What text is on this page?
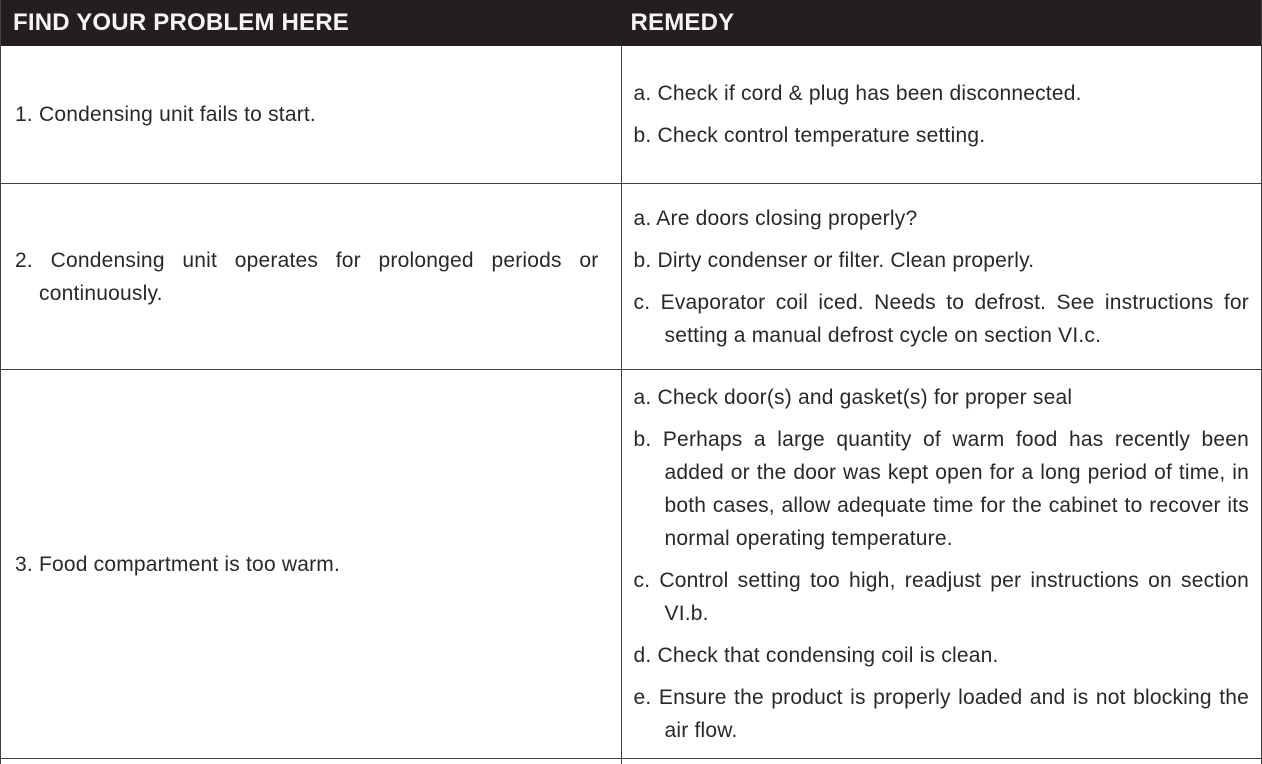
FIND YOUR PROBLEM HERE	REMEDY
1. Condensing unit fails to start.
a. Check if cord & plug has been disconnected.
b. Check control temperature setting.
2. Condensing unit operates for prolonged periods or continuously.
a. Are doors closing properly?
b. Dirty condenser or filter. Clean properly.
c. Evaporator coil iced. Needs to defrost. See instructions for setting a manual defrost cycle on section VI.c.
3. Food compartment is too warm.
a. Check door(s) and gasket(s) for proper seal
b. Perhaps a large quantity of warm food has recently been added or the door was kept open for a long period of time, in both cases, allow adequate time for the cabinet to recover its normal operating temperature.
c. Control setting too high, readjust per instructions on section VI.b.
d. Check that condensing coil is clean.
e. Ensure the product is properly loaded and is not blocking the air flow.
